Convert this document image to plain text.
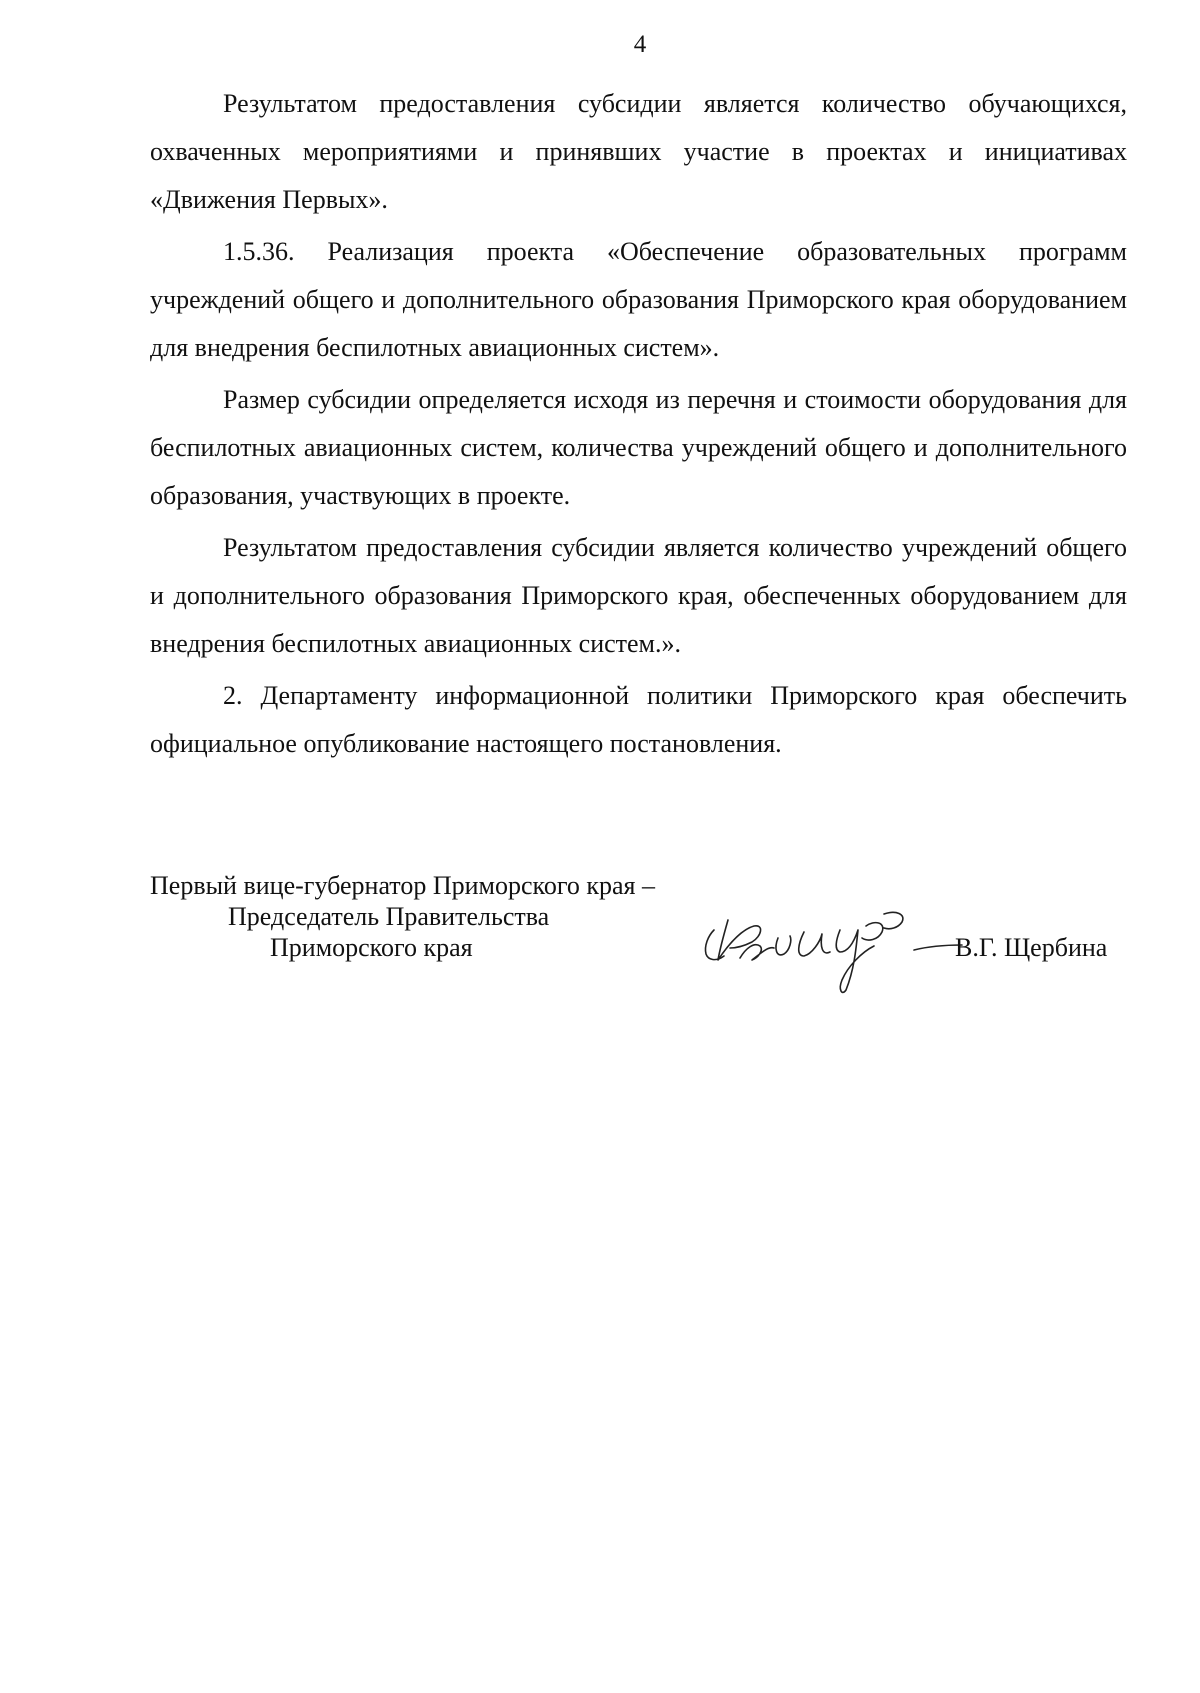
4

Результатом предоставления субсидии является количество обучающихся, охваченных мероприятиями и принявших участие в проектах и инициативах «Движения Первых».

1.5.36. Реализация проекта «Обеспечение образовательных программ учреждений общего и дополнительного образования Приморского края оборудованием для внедрения беспилотных авиационных систем».

Размер субсидии определяется исходя из перечня и стоимости оборудования для беспилотных авиационных систем, количества учреждений общего и дополнительного образования, участвующих в проекте.

Результатом предоставления субсидии является количество учреждений общего и дополнительного образования Приморского края, обеспеченных оборудованием для внедрения беспилотных авиационных систем.».

2. Департаменту информационной политики Приморского края обеспечить официальное опубликование настоящего постановления.

Первый вице-губернатор Приморского края –
Председатель Правительства
Приморского края	В.Г. Щербина
